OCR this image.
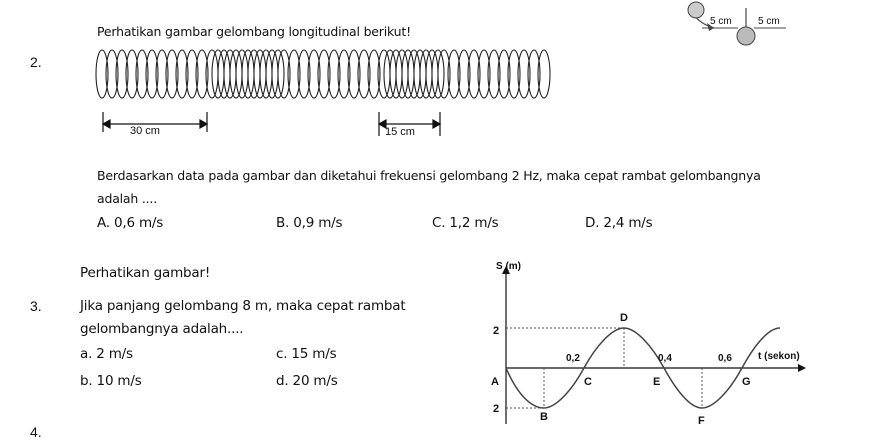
2.
Perhatikan gambar gelombang longitudinal berikut!
30 cm	15 cm
5 cm	5 cm
Berdasarkan data pada gambar dan diketahui frekuensi gelombang 2 Hz, maka cepat rambat gelombangnya
adalah ....
A. 0,6 m/s	B. 0,9 m/s	C. 1,2 m/s	D. 2,4 m/s
3.
Perhatikan gambar!
Jika panjang gelombang 8 m, maka cepat rambat
gelombangnya adalah....
a. 2 m/s	c. 15 m/s
b. 10 m/s	d. 20 m/s
S (m)
t (sekon)
2
2
A
B
C
D
E
F
G
0,2	0,4	0,6
4.
